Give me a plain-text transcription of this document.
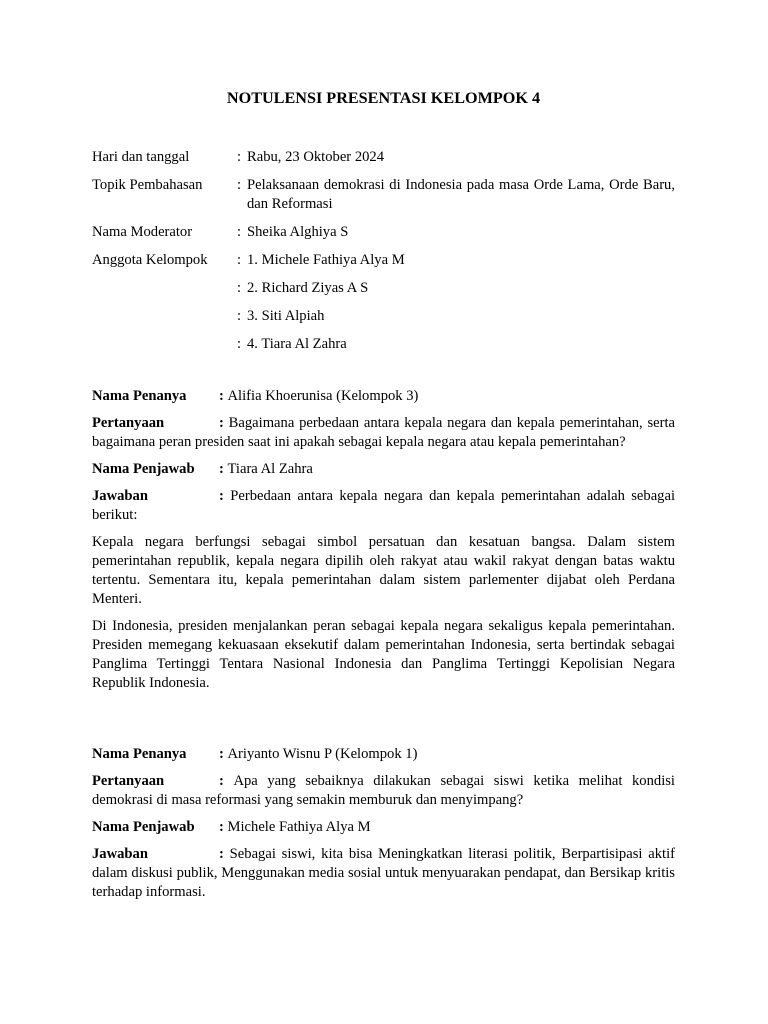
NOTULENSI PRESENTASI KELOMPOK 4
Hari dan tanggal	: Rabu, 23 Oktober 2024
Topik Pembahasan	: Pelaksanaan demokrasi di Indonesia pada masa Orde Lama, Orde Baru, dan Reformasi
Nama Moderator	: Sheika Alghiya S
Anggota Kelompok	: 1. Michele Fathiya Alya M
: 2. Richard Ziyas A S
: 3. Siti Alpiah
: 4. Tiara Al Zahra

Nama Penanya : Alifia Khoerunisa (Kelompok 3)

Pertanyaan	: Bagaimana perbedaan antara kepala negara dan kepala pemerintahan, serta bagaimana peran presiden saat ini apakah sebagai kepala negara atau kepala pemerintahan?

Nama Penjawab : Tiara Al Zahra

Jawaban	: Perbedaan antara kepala negara dan kepala pemerintahan adalah sebagai berikut:

Kepala negara berfungsi sebagai simbol persatuan dan kesatuan bangsa. Dalam sistem pemerintahan republik, kepala negara dipilih oleh rakyat atau wakil rakyat dengan batas waktu tertentu. Sementara itu, kepala pemerintahan dalam sistem parlementer dijabat oleh Perdana Menteri.

Di Indonesia, presiden menjalankan peran sebagai kepala negara sekaligus kepala pemerintahan. Presiden memegang kekuasaan eksekutif dalam pemerintahan Indonesia, serta bertindak sebagai Panglima Tertinggi Tentara Nasional Indonesia dan Panglima Tertinggi Kepolisian Negara Republik Indonesia.

Nama Penanya : Ariyanto Wisnu P (Kelompok 1)

Pertanyaan	: Apa yang sebaiknya dilakukan sebagai siswi ketika melihat kondisi demokrasi di masa reformasi yang semakin memburuk dan menyimpang?

Nama Penjawab : Michele Fathiya Alya M

Jawaban	: Sebagai siswi, kita bisa Meningkatkan literasi politik, Berpartisipasi aktif dalam diskusi publik, Menggunakan media sosial untuk menyuarakan pendapat, dan Bersikap kritis terhadap informasi.
